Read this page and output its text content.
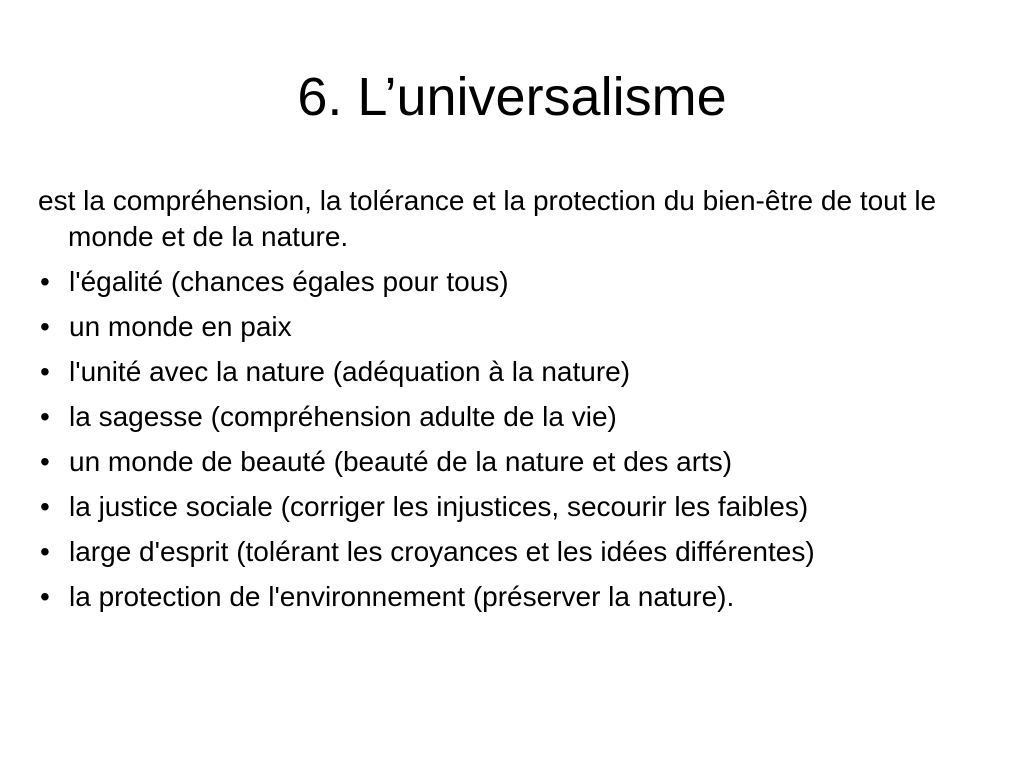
6. L’universalisme

est la compréhension, la tolérance et la protection du bien-être de tout le monde et de la nature.

• l'égalité (chances égales pour tous)
• un monde en paix
• l'unité avec la nature (adéquation à la nature)
• la sagesse (compréhension adulte de la vie)
• un monde de beauté (beauté de la nature et des arts)
• la justice sociale (corriger les injustices, secourir les faibles)
• large d'esprit (tolérant les croyances et les idées différentes)
• la protection de l'environnement (préserver la nature).
